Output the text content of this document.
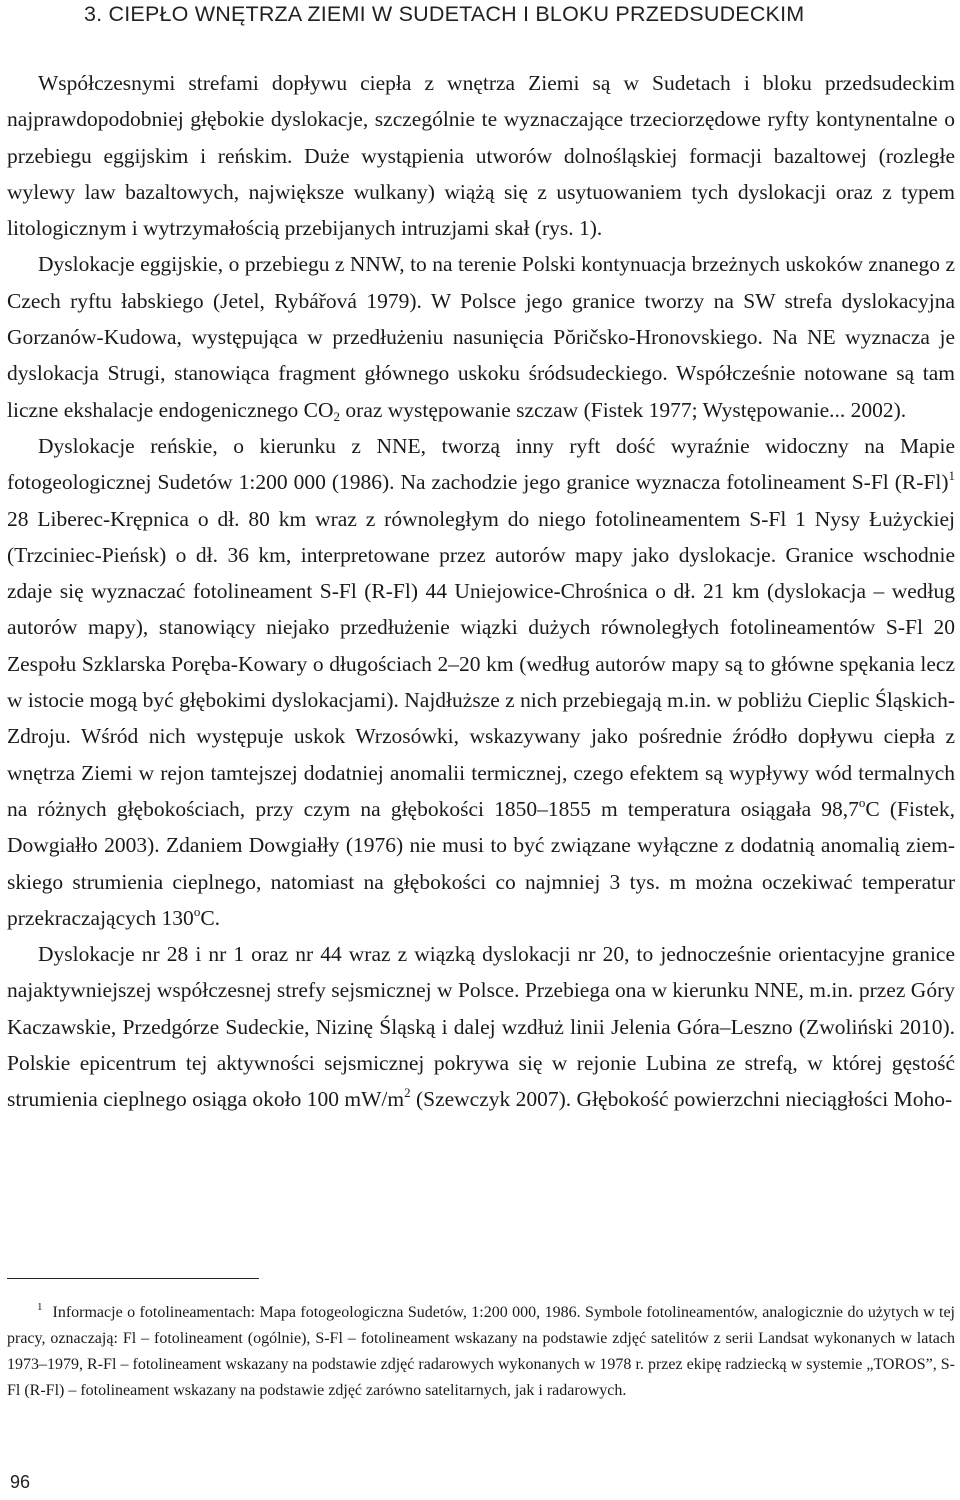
3. CIEPŁO WNĘTRZA ZIEMI W SUDETACH I BLOKU PRZEDSUDECKIM

Współczesnymi strefami dopływu ciepła z wnętrza Ziemi są w Sudetach i bloku przedsudeckim najprawdopodobniej głębokie dyslokacje, szczególnie te wyznaczające trzeciorzędowe ryfty kontynentalne o przebiegu eggijskim i reńskim. Duże wystąpienia utworów dolnośląskiej formacji bazaltowej (rozległe wylewy law bazaltowych, największe wulkany) wiążą się z usytuowaniem tych dyslokacji oraz z typem litologicznym i wytrzymałością przebijanych intruzjami skał (rys. 1).

Dyslokacje eggijskie, o przebiegu z NNW, to na terenie Polski kontynuacja brzeżnych uskoków znanego z Czech ryftu łabskiego (Jetel, Rybářová 1979). W Polsce jego granice tworzy na SW strefa dyslokacyjna Gorzanów-Kudowa, występująca w przedłużeniu nasunięcia Pŏričsko-Hronovskiego. Na NE wyznacza je dyslokacja Strugi, stanowiąca fragment głównego uskoku śródsudeckiego. Współcześnie notowane są tam liczne ekshalacje endogenicznego $CO_2$ oraz występowanie szczaw (Fistek 1977; Występowanie... 2002).

Dyslokacje reńskie, o kierunku z NNE, tworzą inny ryft dość wyraźnie widoczny na Mapie fotogeologicznej Sudetów 1:200 000 (1986). Na zachodzie jego granice wyznacza fotolineament S-Fl $(R-Fl)^1$ 28 Liberec-Krępnica o dł. 80 km wraz z równoległym do niego fotolineamentem S-Fl 1 Nysy Łużyckiej (Trzciniec-Pieńsk) o dł. 36 km, interpretowane przez autorów mapy jako dyslokacje. Granice wschodnie zdaje się wyznaczać fotolineament S-Fl (R-Fl) 44 Uniejowice-Chrośnica o dł. 21 km (dyslokacja – według autorów mapy), stanowiący niejako przedłużenie wiązki dużych równoległych fotolineamentów S-Fl 20 Zespołu Szklarska Poręba-Kowary o długościach 2–20 km (według autorów mapy są to główne spękania lecz w istocie mogą być głębokimi dyslokacjami). Najdłuższe z nich przebiegają m.in. w pobliżu Cieplic Śląskich-Zdroju. Wśród nich występuje uskok Wrzosówki, wskazywany jako pośrednie źródło dopływu ciepła z wnętrza Ziemi w rejon tamtejszej dodatniej anomalii termicznej, czego efektem są wypływy wód termalnych na różnych głębokościach, przy czym na głębokości 1850–1855 m temperatura osiągała 98,7$^o$C (Fistek, Dowgiałło 2003). Zdaniem Dowgiałły (1976) nie musi to być związane wyłączne z dodatnią anomalią ziem- skiego strumienia cieplnego, natomiast na głębokości co najmniej 3 tys. m można oczekiwać temperatur przekraczających 130$^o$C.

Dyslokacje nr 28 i nr 1 oraz nr 44 wraz z wiązką dyslokacji nr 20, to jednocześnie orientacyjne granice najaktywniejszej współczesnej strefy sejsmicznej w Polsce. Przebiega ona w kierunku NNE, m.in. przez Góry Kaczawskie, Przedgórze Sudeckie, Nizinę Śląską i dalej wzdłuż linii Jelenia Góra–Leszno (Zwoliński 2010). Polskie epicentrum tej aktywności sejsmicznej pokrywa się w rejonie Lubina ze strefą, w której gęstość strumienia cieplnego osiąga około 100 $mW/m^2$ (Szewczyk 2007). Głębokość powierzchni nieciągłości Moho-

$^1$ Informacje o fotolineamentach: Mapa fotogeologiczna Sudetów, 1:200 000, 1986. Symbole fotolineamentów, analogicznie do użytych w tej pracy, oznaczają: Fl – fotolineament (ogólnie), S-Fl – fotolineament wskazany na podstawie zdjęć satelitów z serii Landsat wykonanych w latach 1973–1979, R-Fl – fotolineament wskazany na podstawie zdjęć radarowych wykonanych w 1978 r. przez ekipę radziecką w systemie „TOROS”, S-Fl (R-Fl) – fotolineament wskazany na podstawie zdjęć zarówno satelitarnych, jak i radarowych.

96
